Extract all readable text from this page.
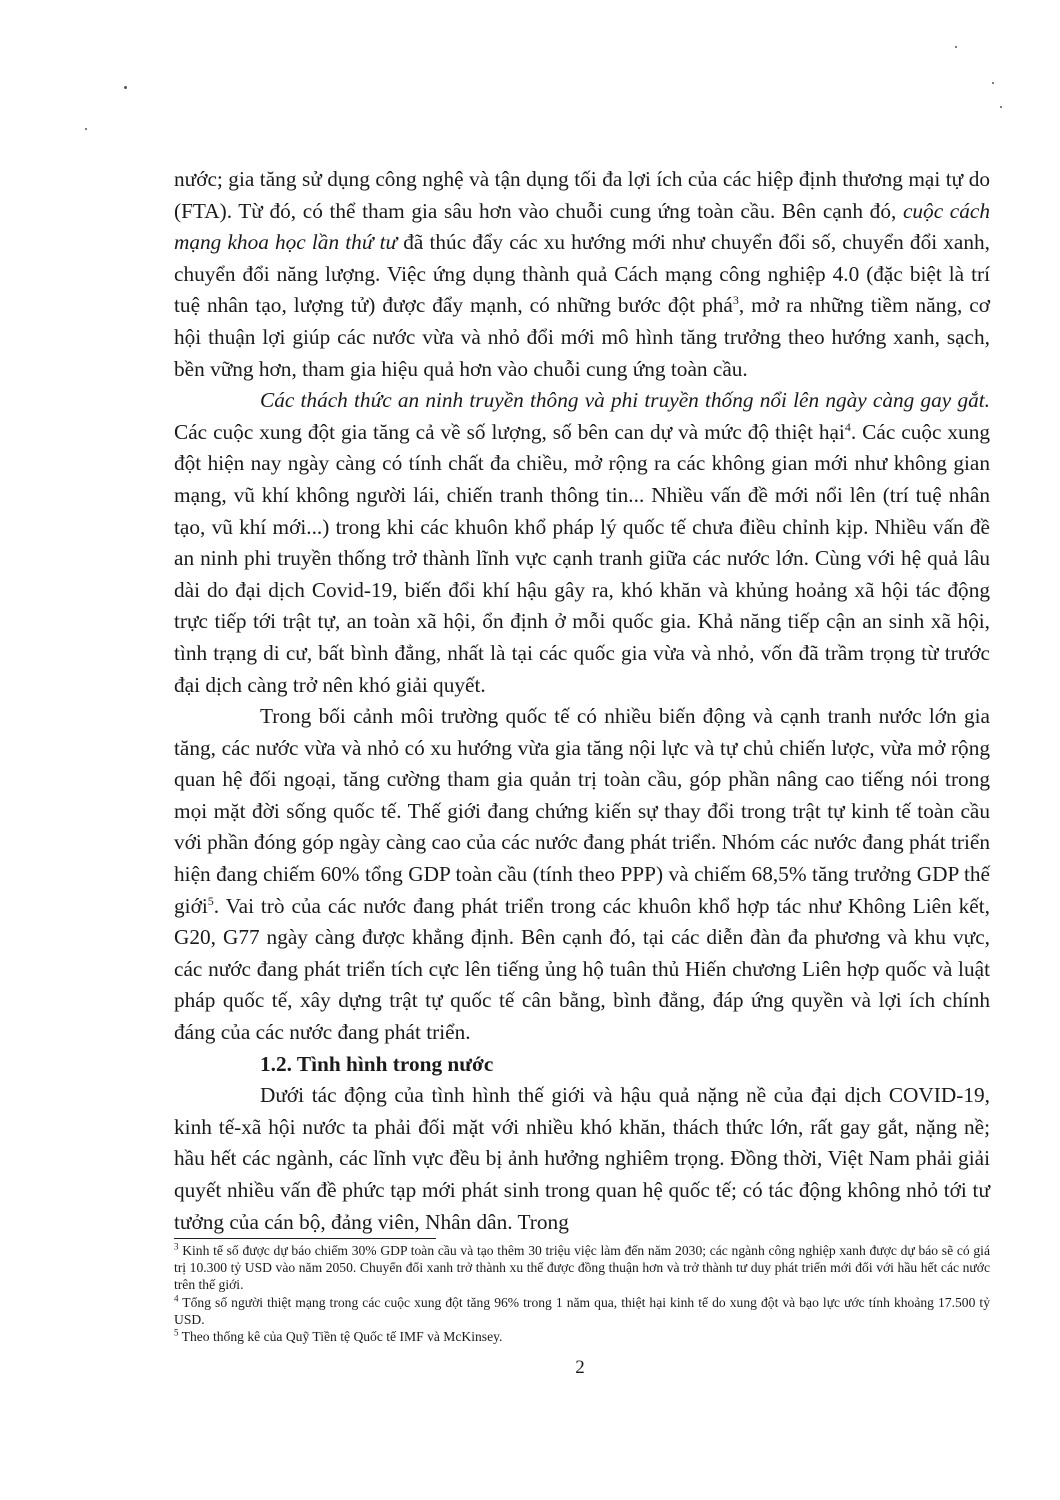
nước; gia tăng sử dụng công nghệ và tận dụng tối đa lợi ích của các hiệp định thương mại tự do (FTA). Từ đó, có thể tham gia sâu hơn vào chuỗi cung ứng toàn cầu. Bên cạnh đó, cuộc cách mạng khoa học lần thứ tư đã thúc đẩy các xu hướng mới như chuyển đổi số, chuyển đổi xanh, chuyển đổi năng lượng. Việc ứng dụng thành quả Cách mạng công nghiệp 4.0 (đặc biệt là trí tuệ nhân tạo, lượng tử) được đẩy mạnh, có những bước đột phá$^3$, mở ra những tiềm năng, cơ hội thuận lợi giúp các nước vừa và nhỏ đổi mới mô hình tăng trưởng theo hướng xanh, sạch, bền vững hơn, tham gia hiệu quả hơn vào chuỗi cung ứng toàn cầu.

Các thách thức an ninh truyền thông và phi truyền thống nổi lên ngày càng gay gắt. Các cuộc xung đột gia tăng cả về số lượng, số bên can dự và mức độ thiệt hại$^4$. Các cuộc xung đột hiện nay ngày càng có tính chất đa chiều, mở rộng ra các không gian mới như không gian mạng, vũ khí không người lái, chiến tranh thông tin... Nhiều vấn đề mới nổi lên (trí tuệ nhân tạo, vũ khí mới...) trong khi các khuôn khổ pháp lý quốc tế chưa điều chỉnh kịp. Nhiều vấn đề an ninh phi truyền thống trở thành lĩnh vực cạnh tranh giữa các nước lớn. Cùng với hệ quả lâu dài do đại dịch Covid-19, biến đổi khí hậu gây ra, khó khăn và khủng hoảng xã hội tác động trực tiếp tới trật tự, an toàn xã hội, ổn định ở mỗi quốc gia. Khả năng tiếp cận an sinh xã hội, tình trạng di cư, bất bình đẳng, nhất là tại các quốc gia vừa và nhỏ, vốn đã trầm trọng từ trước đại dịch càng trở nên khó giải quyết.

Trong bối cảnh môi trường quốc tế có nhiều biến động và cạnh tranh nước lớn gia tăng, các nước vừa và nhỏ có xu hướng vừa gia tăng nội lực và tự chủ chiến lược, vừa mở rộng quan hệ đối ngoại, tăng cường tham gia quản trị toàn cầu, góp phần nâng cao tiếng nói trong mọi mặt đời sống quốc tế. Thế giới đang chứng kiến sự thay đổi trong trật tự kinh tế toàn cầu với phần đóng góp ngày càng cao của các nước đang phát triển. Nhóm các nước đang phát triển hiện đang chiếm 60% tổng GDP toàn cầu (tính theo PPP) và chiếm 68,5% tăng trưởng GDP thế giới$^5$. Vai trò của các nước đang phát triển trong các khuôn khổ hợp tác như Không Liên kết, G20, G77 ngày càng được khẳng định. Bên cạnh đó, tại các diễn đàn đa phương và khu vực, các nước đang phát triển tích cực lên tiếng ủng hộ tuân thủ Hiến chương Liên hợp quốc và luật pháp quốc tế, xây dựng trật tự quốc tế cân bằng, bình đẳng, đáp ứng quyền và lợi ích chính đáng của các nước đang phát triển.

1.2. Tình hình trong nước

Dưới tác động của tình hình thế giới và hậu quả nặng nề của đại dịch COVID-19, kinh tế-xã hội nước ta phải đối mặt với nhiều khó khăn, thách thức lớn, rất gay gắt, nặng nề; hầu hết các ngành, các lĩnh vực đều bị ảnh hưởng nghiêm trọng. Đồng thời, Việt Nam phải giải quyết nhiều vấn đề phức tạp mới phát sinh trong quan hệ quốc tế; có tác động không nhỏ tới tư tưởng của cán bộ, đảng viên, Nhân dân. Trong

$^3$ Kinh tế số được dự báo chiếm 30% GDP toàn cầu và tạo thêm 30 triệu việc làm đến năm 2030; các ngành công nghiệp xanh được dự báo sẽ có giá trị 10.300 tỷ USD vào năm 2050. Chuyển đổi xanh trở thành xu thế được đồng thuận hơn và trở thành tư duy phát triển mới đối với hầu hết các nước trên thế giới.

$^4$ Tổng số người thiệt mạng trong các cuộc xung đột tăng 96% trong 1 năm qua, thiệt hại kinh tế do xung đột và bạo lực ước tính khoảng 17.500 tỷ USD.

$^5$ Theo thống kê của Quỹ Tiền tệ Quốc tế IMF và McKinsey.

2
